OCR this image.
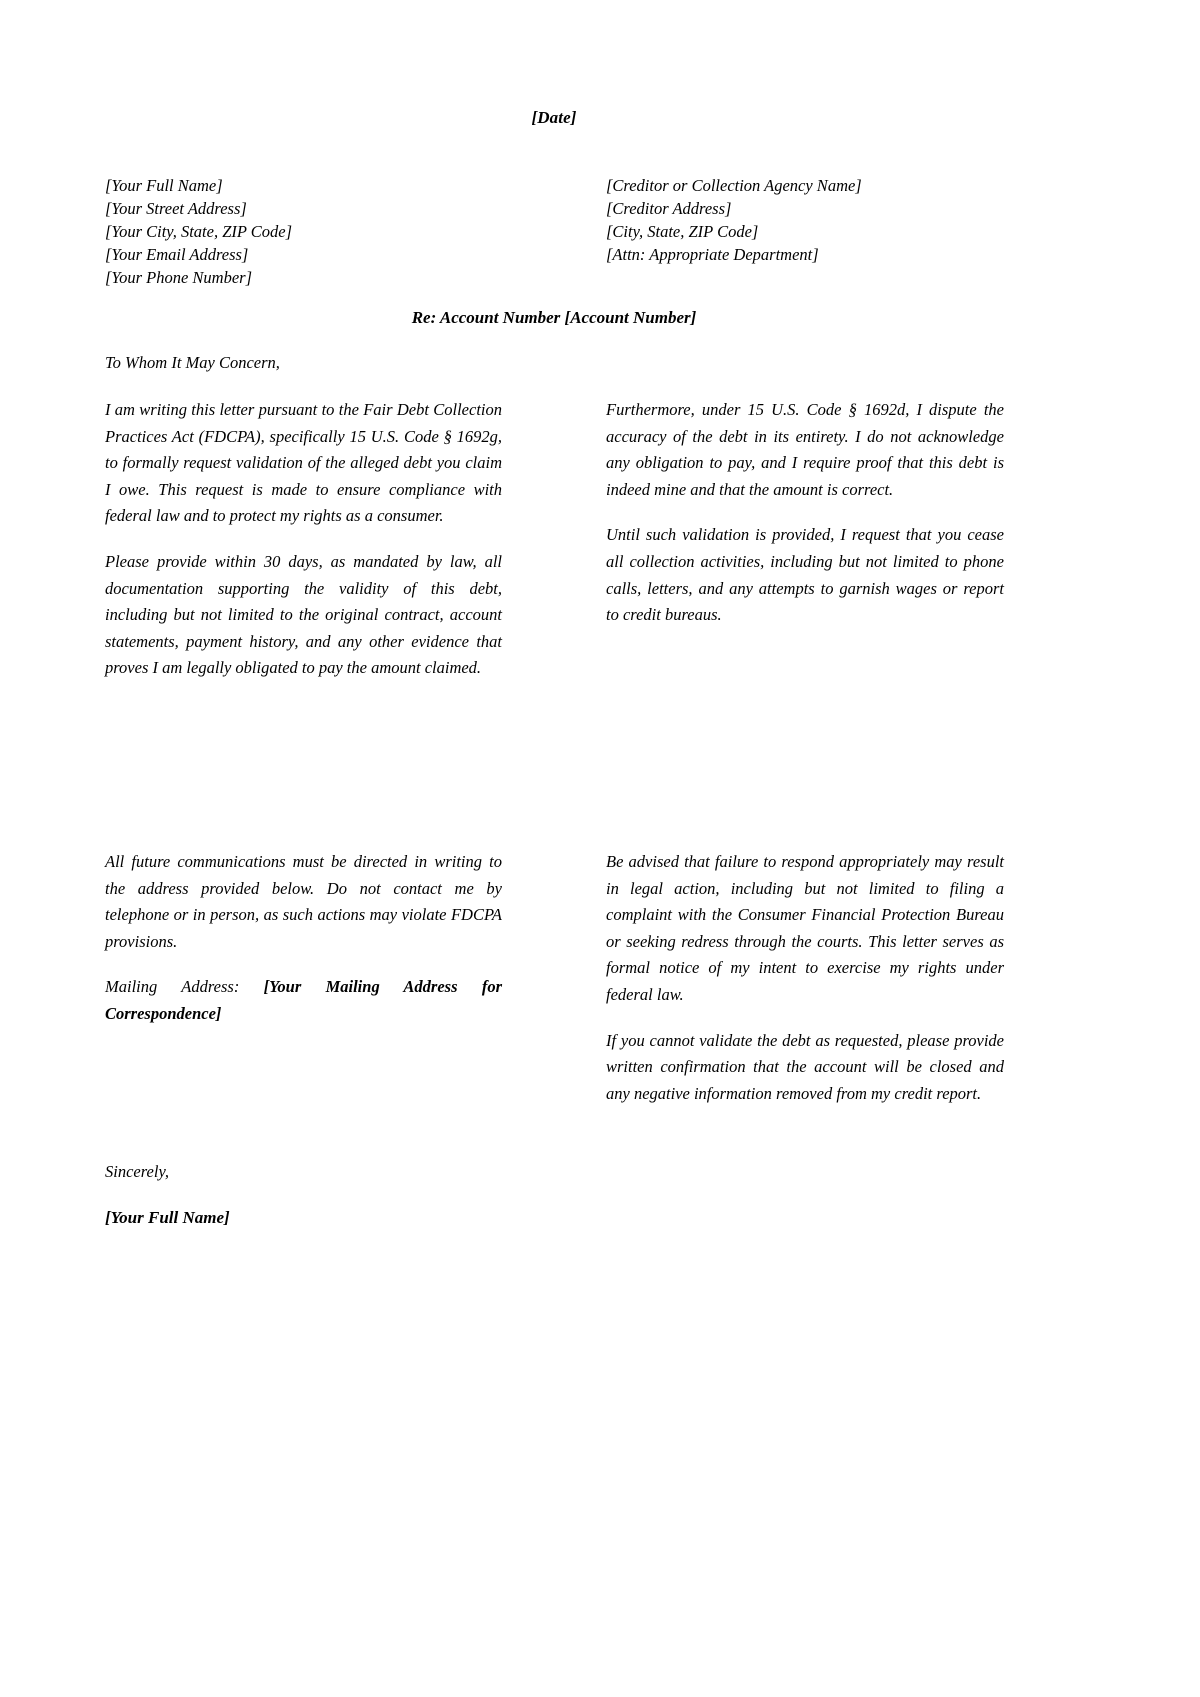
[Date]
[Your Full Name]
[Your Street Address]
[Your City, State, ZIP Code]
[Your Email Address]
[Your Phone Number]
[Creditor or Collection Agency Name]
[Creditor Address]
[City, State, ZIP Code]
[Attn: Appropriate Department]
Re: Account Number [Account Number]
To Whom It May Concern,

I am writing this letter pursuant to the Fair Debt Collection Practices Act (FDCPA), specifically 15 U.S. Code § 1692g, to formally request validation of the alleged debt you claim I owe. This request is made to ensure compliance with federal law and to protect my rights as a consumer.

Please provide within 30 days, as mandated by law, all documentation supporting the validity of this debt, including but not limited to the original contract, account statements, payment history, and any other evidence that proves I am legally obligated to pay the amount claimed.

Furthermore, under 15 U.S. Code § 1692d, I dispute the accuracy of the debt in its entirety. I do not acknowledge any obligation to pay, and I require proof that this debt is indeed mine and that the amount is correct.

Until such validation is provided, I request that you cease all collection activities, including but not limited to phone calls, letters, and any attempts to garnish wages or report to credit bureaus.

All future communications must be directed in writing to the address provided below. Do not contact me by telephone or in person, as such actions may violate FDCPA provisions.

Mailing Address: [Your Mailing Address for Correspondence]

Be advised that failure to respond appropriately may result in legal action, including but not limited to filing a complaint with the Consumer Financial Protection Bureau or seeking redress through the courts. This letter serves as formal notice of my intent to exercise my rights under federal law.

If you cannot validate the debt as requested, please provide written confirmation that the account will be closed and any negative information removed from my credit report.

Sincerely,
[Your Full Name]
